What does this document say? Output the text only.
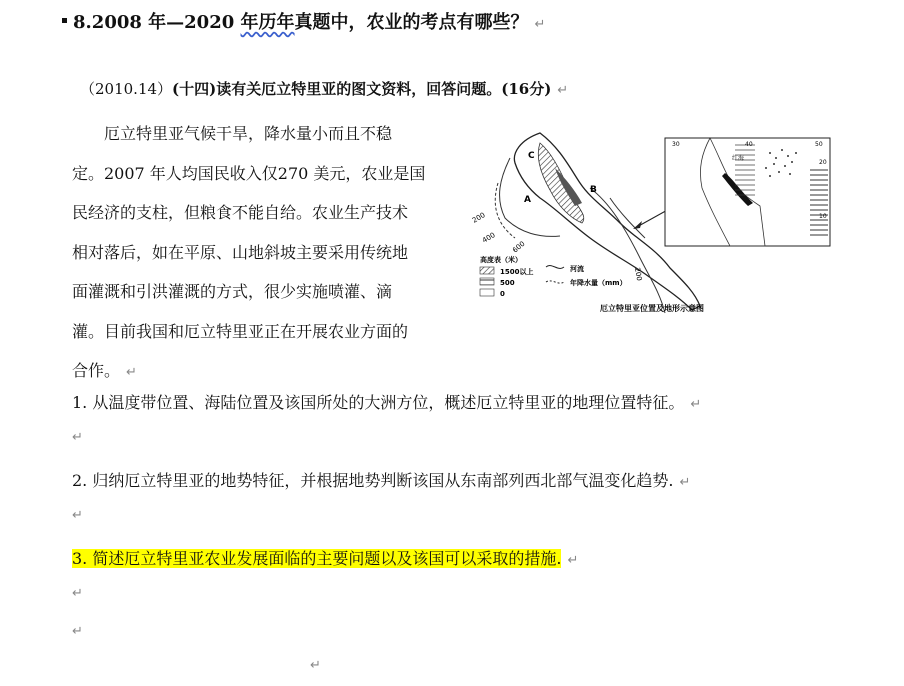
8.2008 年—2020 年历年真题中，农业的考点有哪些？ ↵
（2010.14）(十四)读有关厄立特里亚的图文资料，回答问题。(16分) ↵

　　厄立特里亚气候干旱，降水量小而且不稳

定。2007 年人均国民收入仅270 美元，农业是国

民经济的支柱，但粮食不能自给。农业生产技术

相对落后，如在平原、山地斜坡主要采用传统地

面灌溉和引洪灌溉的方式，很少实施喷灌、滴

灌。目前我国和厄立特里亚正在开展农业方面的

合作。 ↵

C
A
B
200
400
600
200
30	40	50
20
10
红海
高度表（米）
1500以上
500
0
河流
年降水量（mm）
厄立特里亚位置及地形示意图
1. 从温度带位置、海陆位置及该国所处的大洲方位，概述厄立特里亚的地理位置特征。 ↵
↵
2. 归纳厄立特里亚的地势特征，并根据地势判断该国从东南部列西北部气温变化趋势. ↵
↵
3. 简述厄立特里亚农业发展面临的主要问题以及该国可以采取的措施. ↵
↵
↵
↵
